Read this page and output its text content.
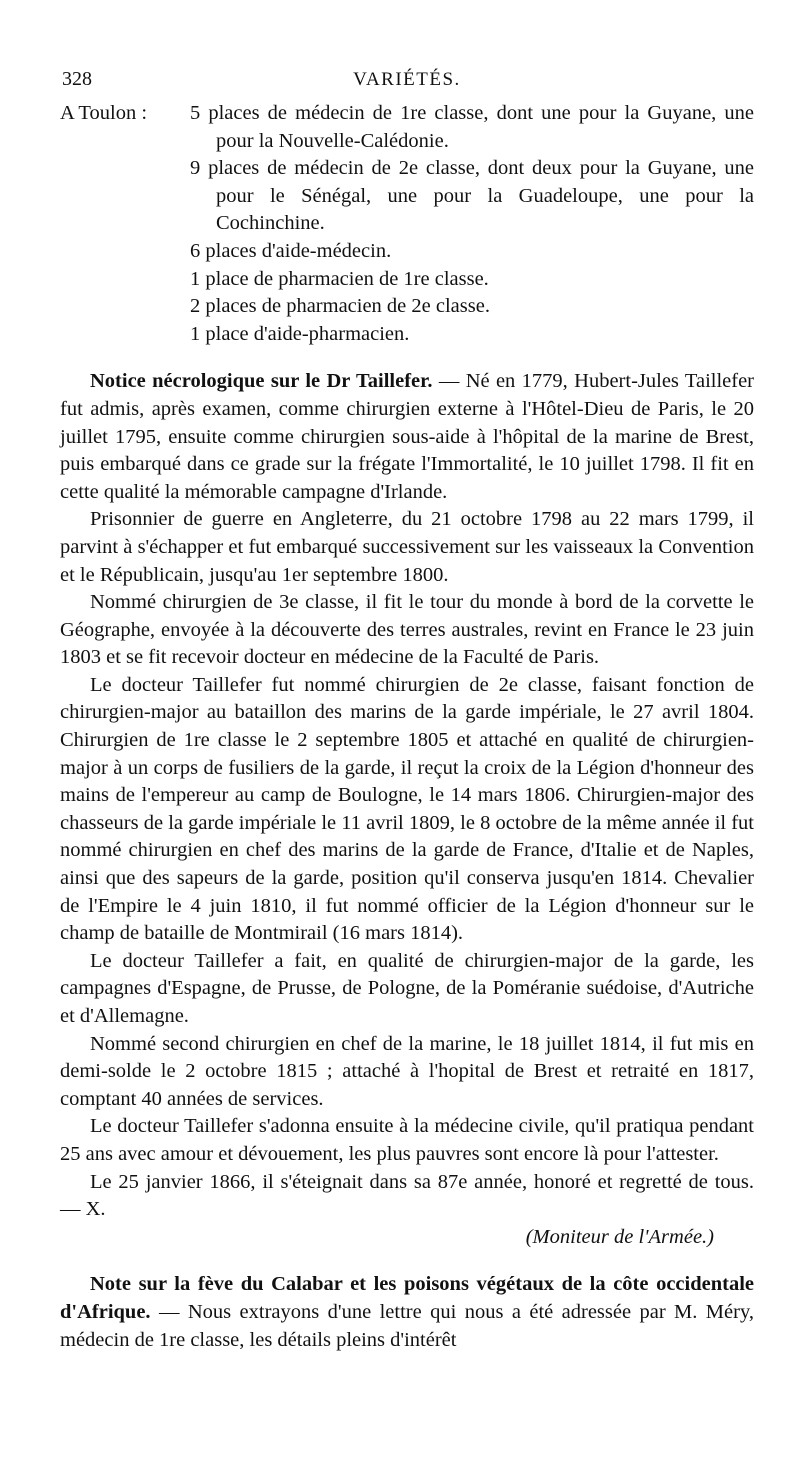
328	VARIÉTÉS.
A Toulon :	5 places de médecin de 1re classe, dont une pour la Guyane, une pour la Nouvelle-Calédonie.
9 places de médecin de 2e classe, dont deux pour la Guyane, une pour le Sénégal, une pour la Guadeloupe, une pour la Cochinchine.
6 places d'aide-médecin.
1 place de pharmacien de 1re classe.
2 places de pharmacien de 2e classe.
1 place d'aide-pharmacien.

Notice nécrologique sur le Dr Taillefer. — Né en 1779, Hubert-Jules Taillefer fut admis, après examen, comme chirurgien externe à l'Hôtel-Dieu de Paris, le 20 juillet 1795, ensuite comme chirurgien sous-aide à l'hôpital de la marine de Brest, puis embarqué dans ce grade sur la frégate l'Immortalité, le 10 juillet 1798. Il fit en cette qualité la mémorable campagne d'Irlande.

Prisonnier de guerre en Angleterre, du 21 octobre 1798 au 22 mars 1799, il parvint à s'échapper et fut embarqué successivement sur les vaisseaux la Convention et le Républicain, jusqu'au 1er septembre 1800.

Nommé chirurgien de 3e classe, il fit le tour du monde à bord de la corvette le Géographe, envoyée à la découverte des terres australes, revint en France le 23 juin 1803 et se fit recevoir docteur en médecine de la Faculté de Paris.

Le docteur Taillefer fut nommé chirurgien de 2e classe, faisant fonction de chirurgien-major au bataillon des marins de la garde impériale, le 27 avril 1804. Chirurgien de 1re classe le 2 septembre 1805 et attaché en qualité de chirurgien-major à un corps de fusiliers de la garde, il reçut la croix de la Légion d'honneur des mains de l'empereur au camp de Boulogne, le 14 mars 1806. Chirurgien-major des chasseurs de la garde impériale le 11 avril 1809, le 8 octobre de la même année il fut nommé chirurgien en chef des marins de la garde de France, d'Italie et de Naples, ainsi que des sapeurs de la garde, position qu'il conserva jusqu'en 1814. Chevalier de l'Empire le 4 juin 1810, il fut nommé officier de la Légion d'honneur sur le champ de bataille de Montmirail (16 mars 1814).

Le docteur Taillefer a fait, en qualité de chirurgien-major de la garde, les campagnes d'Espagne, de Prusse, de Pologne, de la Poméranie suédoise, d'Autriche et d'Allemagne.

Nommé second chirurgien en chef de la marine, le 18 juillet 1814, il fut mis en demi-solde le 2 octobre 1815 ; attaché à l'hopital de Brest et retraité en 1817, comptant 40 années de services.

Le docteur Taillefer s'adonna ensuite à la médecine civile, qu'il pratiqua pendant 25 ans avec amour et dévouement, les plus pauvres sont encore là pour l'attester.

Le 25 janvier 1866, il s'éteignait dans sa 87e année, honoré et regretté de tous. — X.

(Moniteur de l'Armée.)

Note sur la fève du Calabar et les poisons végétaux de la côte occidentale d'Afrique. — Nous extrayons d'une lettre qui nous a été adressée par M. Méry, médecin de 1re classe, les détails pleins d'intérêt
